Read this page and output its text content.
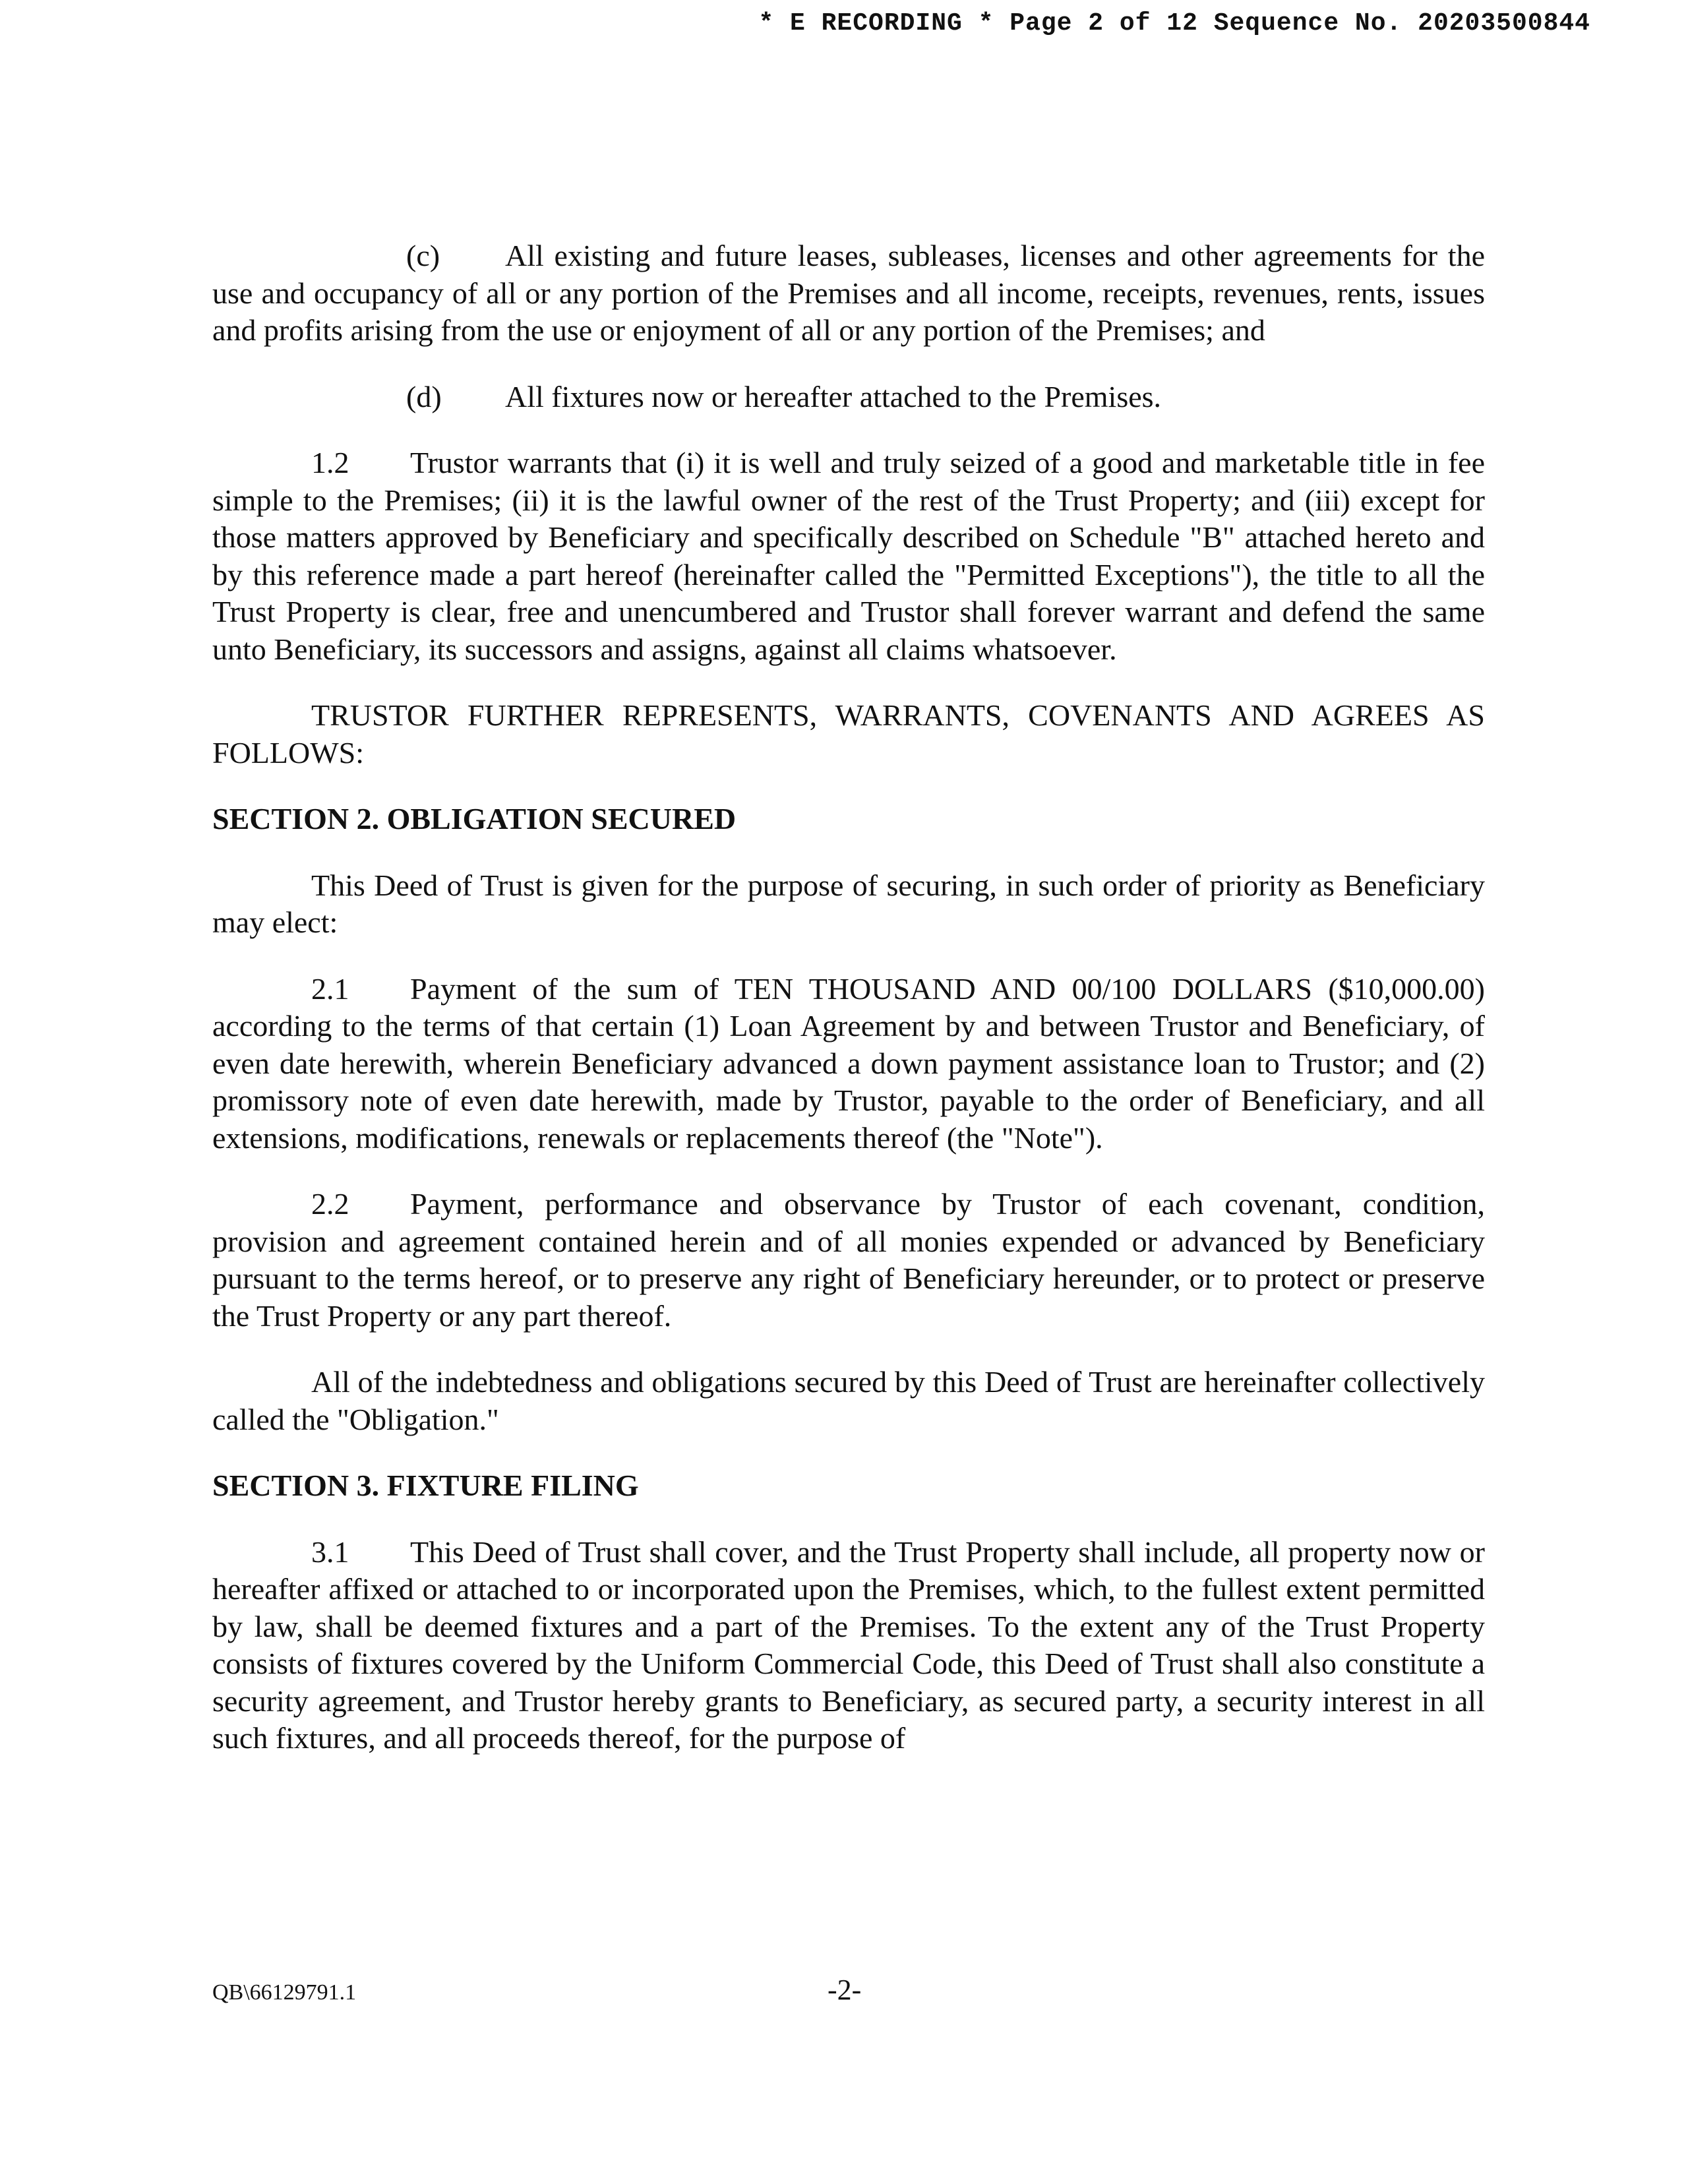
* E RECORDING * Page 2 of 12 Sequence No. 20203500844

(c) All existing and future leases, subleases, licenses and other agreements for the use and occupancy of all or any portion of the Premises and all income, receipts, revenues, rents, issues and profits arising from the use or enjoyment of all or any portion of the Premises; and

(d) All fixtures now or hereafter attached to the Premises.

1.2 Trustor warrants that (i) it is well and truly seized of a good and marketable title in fee simple to the Premises; (ii) it is the lawful owner of the rest of the Trust Property; and (iii) except for those matters approved by Beneficiary and specifically described on Schedule "B" attached hereto and by this reference made a part hereof (hereinafter called the "Permitted Exceptions"), the title to all the Trust Property is clear, free and unencumbered and Trustor shall forever warrant and defend the same unto Beneficiary, its successors and assigns, against all claims whatsoever.

TRUSTOR FURTHER REPRESENTS, WARRANTS, COVENANTS AND AGREES AS FOLLOWS:

SECTION 2. OBLIGATION SECURED

This Deed of Trust is given for the purpose of securing, in such order of priority as Beneficiary may elect:

2.1 Payment of the sum of TEN THOUSAND AND 00/100 DOLLARS ($10,000.00) according to the terms of that certain (1) Loan Agreement by and between Trustor and Beneficiary, of even date herewith, wherein Beneficiary advanced a down payment assistance loan to Trustor; and (2) promissory note of even date herewith, made by Trustor, payable to the order of Beneficiary, and all extensions, modifications, renewals or replacements thereof (the "Note").

2.2 Payment, performance and observance by Trustor of each covenant, condition, provision and agreement contained herein and of all monies expended or advanced by Beneficiary pursuant to the terms hereof, or to preserve any right of Beneficiary hereunder, or to protect or preserve the Trust Property or any part thereof.

All of the indebtedness and obligations secured by this Deed of Trust are hereinafter collectively called the "Obligation."

SECTION 3. FIXTURE FILING

3.1 This Deed of Trust shall cover, and the Trust Property shall include, all property now or hereafter affixed or attached to or incorporated upon the Premises, which, to the fullest extent permitted by law, shall be deemed fixtures and a part of the Premises. To the extent any of the Trust Property consists of fixtures covered by the Uniform Commercial Code, this Deed of Trust shall also constitute a security agreement, and Trustor hereby grants to Beneficiary, as secured party, a security interest in all such fixtures, and all proceeds thereof, for the purpose of

QB\66129791.1	-2-
